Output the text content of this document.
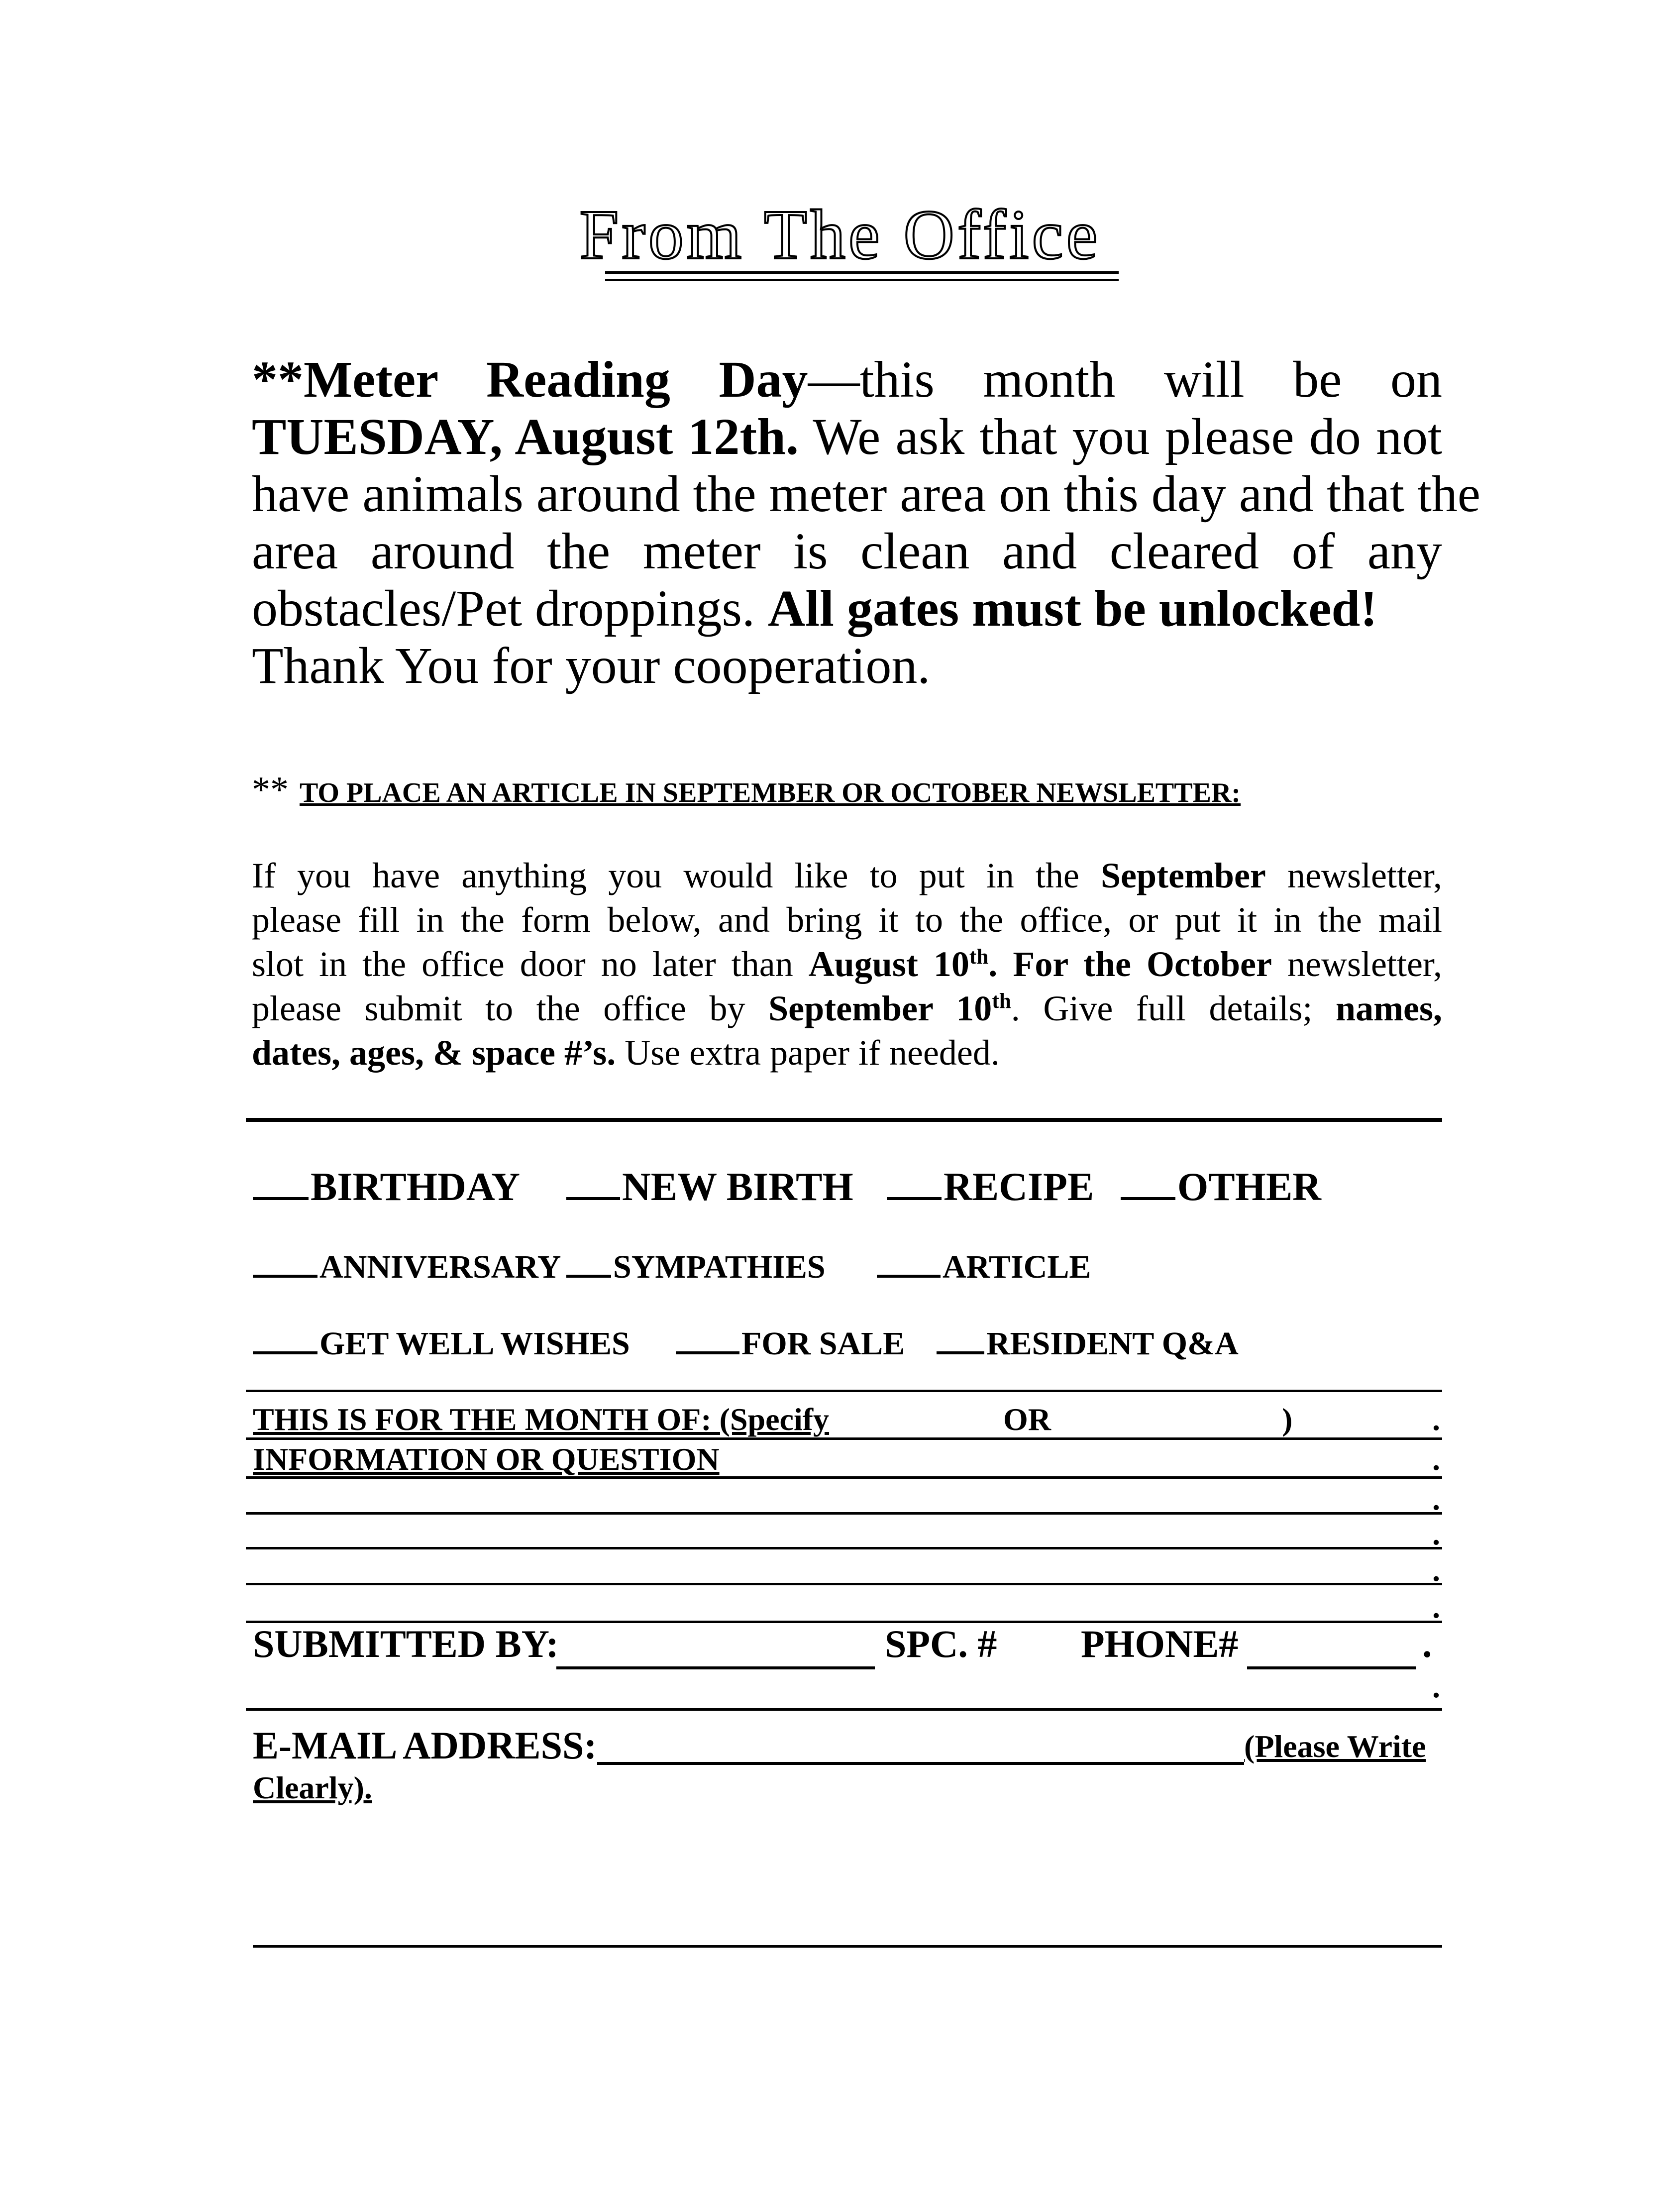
From The Office
**Meter Reading Day—this month will be on
TUESDAY, August 12th. We ask that you please do not
have animals around the meter area on this day and that the
area around the meter is clean and cleared of any
obstacles/Pet droppings. All gates must be unlocked!
Thank You for your cooperation.
** TO PLACE AN ARTICLE IN SEPTEMBER OR OCTOBER NEWSLETTER:
If you have anything you would like to put in the September newsletter,
please fill in the form below, and bring it to the office, or put it in the mail
slot in the office door no later than August 10th. For the October newsletter,
please submit to the office by September 10th. Give full details; names,
dates, ages, & space #’s. Use extra paper if needed.
BIRTHDAY	NEW BIRTH	RECIPE	OTHER
ANNIVERSARY	SYMPATHIES	ARTICLE
GET WELL WISHES	FOR SALE	RESIDENT Q&A
THIS IS FOR THE MONTH OF: (Specify	OR	)	.
INFORMATION OR QUESTION	.
.
.
.
.
SUBMITTED BY:	SPC. # PHONE#	.
.
E-MAIL ADDRESS:	(Please Write
Clearly).
